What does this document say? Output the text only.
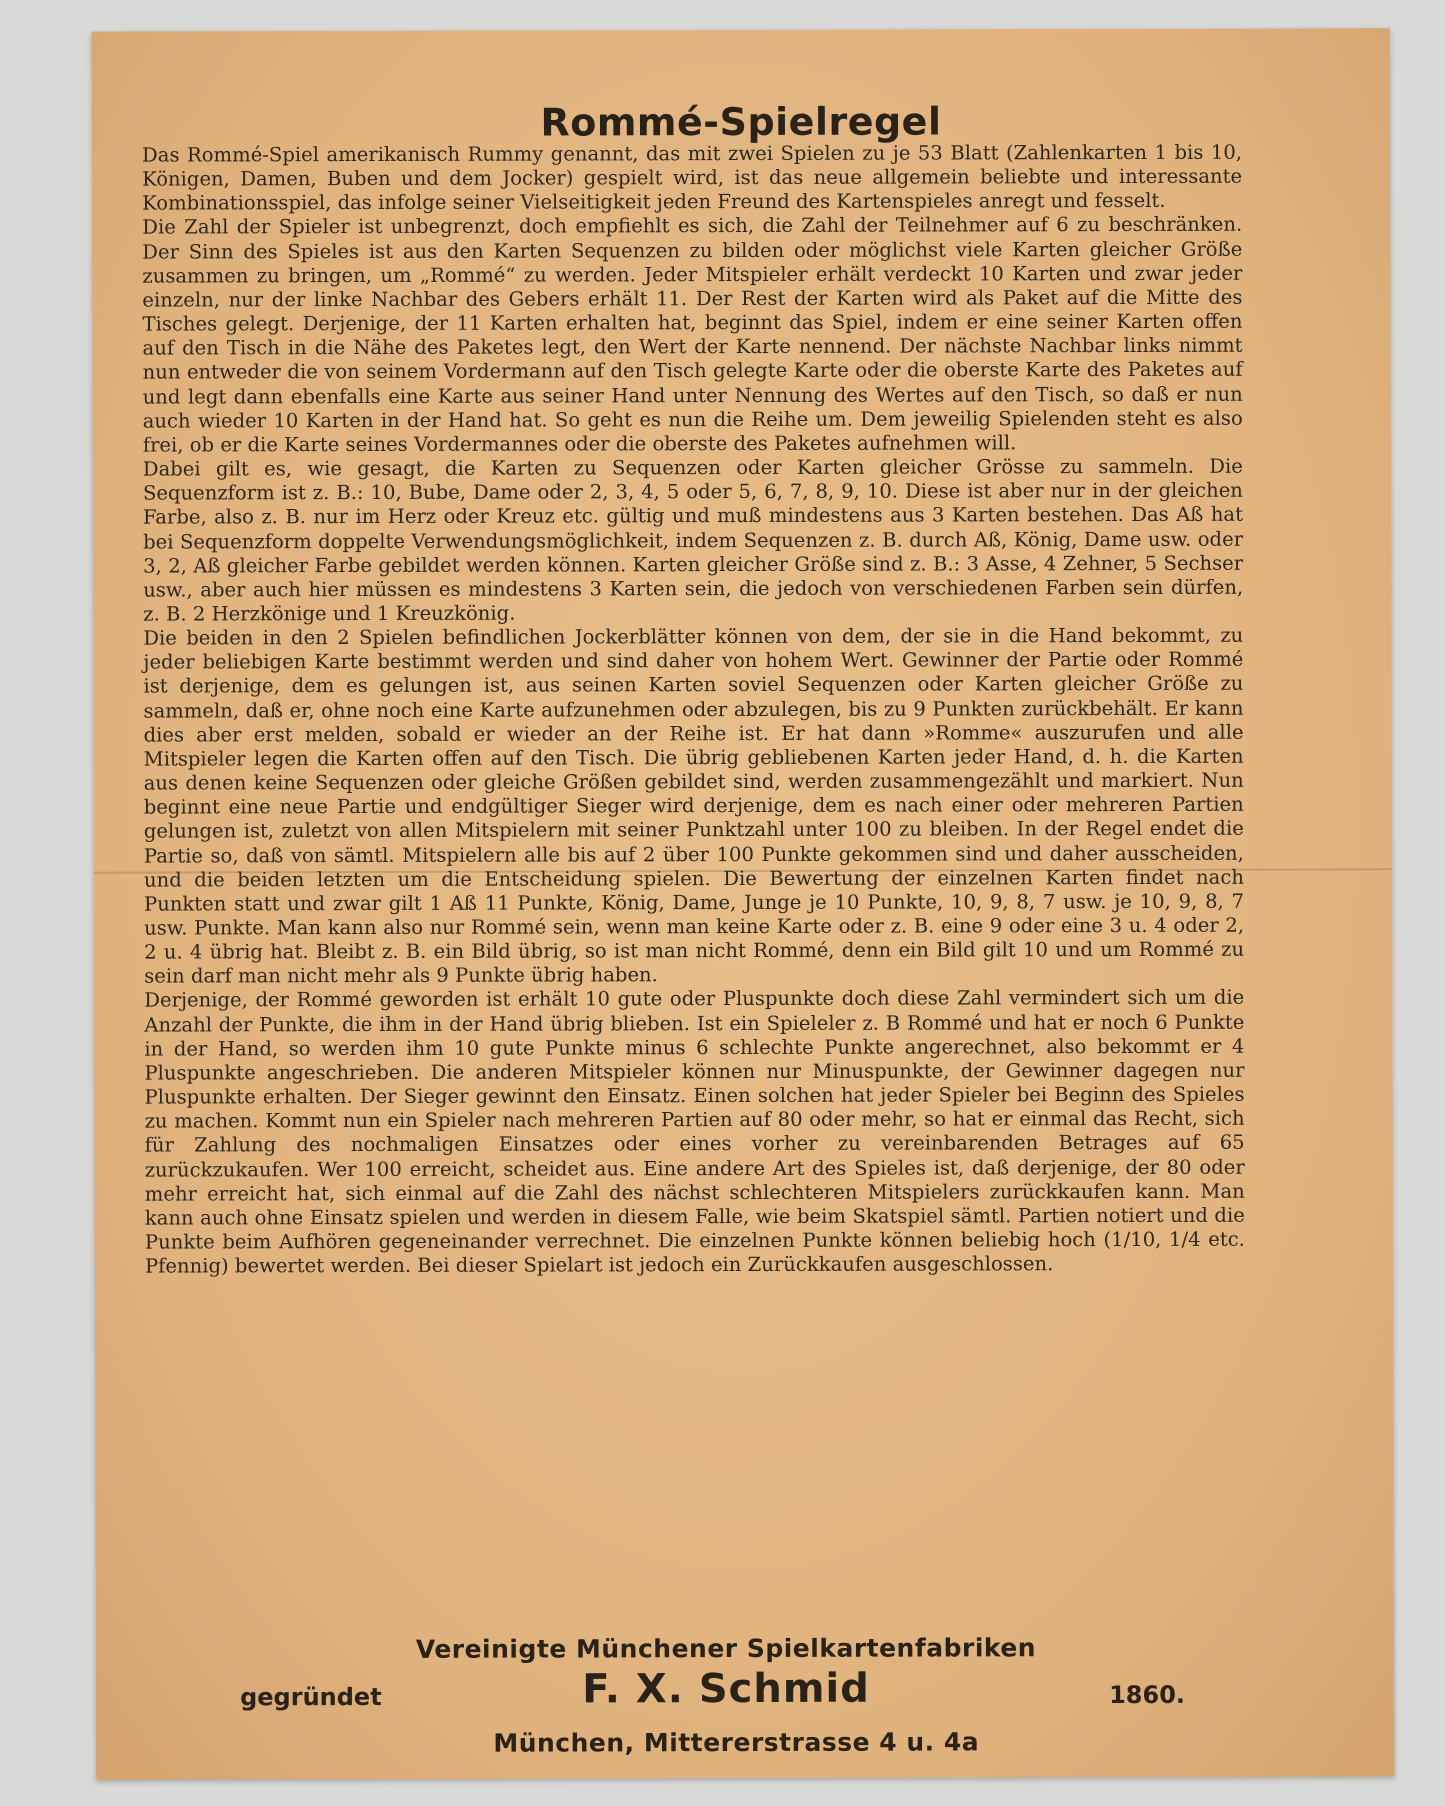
Rommé-Spielregel

Das Rommé-Spiel amerikanisch Rummy genannt, das mit zwei Spielen zu je 53 Blatt (Zahlenkarten 1 bis 10, Königen, Damen, Buben und dem Jocker) gespielt wird, ist das neue allgemein beliebte und interessante Kombinationsspiel, das infolge seiner Vielseitigkeit jeden Freund des Kartenspieles anregt und fesselt.

Die Zahl der Spieler ist unbegrenzt, doch empfiehlt es sich, die Zahl der Teilnehmer auf 6 zu beschränken. Der Sinn des Spieles ist aus den Karten Sequenzen zu bilden oder möglichst viele Karten gleicher Größe zusammen zu bringen, um „Rommé“ zu werden. Jeder Mitspieler erhält verdeckt 10 Karten und zwar jeder einzeln, nur der linke Nachbar des Gebers erhält 11. Der Rest der Karten wird als Paket auf die Mitte des Tisches gelegt. Derjenige, der 11 Karten erhalten hat, beginnt das Spiel, indem er eine seiner Karten offen auf den Tisch in die Nähe des Paketes legt, den Wert der Karte nennend. Der nächste Nachbar links nimmt nun entweder die von seinem Vordermann auf den Tisch gelegte Karte oder die oberste Karte des Paketes auf und legt dann ebenfalls eine Karte aus seiner Hand unter Nennung des Wertes auf den Tisch, so daß er nun auch wieder 10 Karten in der Hand hat. So geht es nun die Reihe um. Dem jeweilig Spielenden steht es also frei, ob er die Karte seines Vordermannes oder die oberste des Paketes aufnehmen will.

Dabei gilt es, wie gesagt, die Karten zu Sequenzen oder Karten gleicher Grösse zu sammeln. Die Sequenzform ist z. B.: 10, Bube, Dame oder 2, 3, 4, 5 oder 5, 6, 7, 8, 9, 10. Diese ist aber nur in der gleichen Farbe, also z. B. nur im Herz oder Kreuz etc. gültig und muß mindestens aus 3 Karten bestehen. Das Aß hat bei Sequenzform doppelte Verwendungsmöglichkeit, indem Sequenzen z. B. durch Aß, König, Dame usw. oder 3, 2, Aß gleicher Farbe gebildet werden können. Karten gleicher Größe sind z. B.: 3 Asse, 4 Zehner, 5 Sechser usw., aber auch hier müssen es mindestens 3 Karten sein, die jedoch von verschiedenen Farben sein dürfen, z. B. 2 Herzkönige und 1 Kreuzkönig.

Die beiden in den 2 Spielen befindlichen Jockerblätter können von dem, der sie in die Hand bekommt, zu jeder beliebigen Karte bestimmt werden und sind daher von hohem Wert. Gewinner der Partie oder Rommé ist derjenige, dem es gelungen ist, aus seinen Karten soviel Sequenzen oder Karten gleicher Größe zu sammeln, daß er, ohne noch eine Karte aufzunehmen oder abzulegen, bis zu 9 Punkten zurückbehält. Er kann dies aber erst melden, sobald er wieder an der Reihe ist. Er hat dann »Romme« auszurufen und alle Mitspieler legen die Karten offen auf den Tisch. Die übrig gebliebenen Karten jeder Hand, d. h. die Karten aus denen keine Sequenzen oder gleiche Größen gebildet sind, werden zusammengezählt und markiert. Nun beginnt eine neue Partie und endgültiger Sieger wird derjenige, dem es nach einer oder mehreren Partien gelungen ist, zuletzt von allen Mitspielern mit seiner Punktzahl unter 100 zu bleiben. In der Regel endet die Partie so, daß von sämtl. Mitspielern alle bis auf 2 über 100 Punkte gekommen sind und daher ausscheiden, und die beiden letzten um die Entscheidung spielen. Die Bewertung der einzelnen Karten findet nach Punkten statt und zwar gilt 1 Aß 11 Punkte, König, Dame, Junge je 10 Punkte, 10, 9, 8, 7 usw. je 10, 9, 8, 7 usw. Punkte. Man kann also nur Rommé sein, wenn man keine Karte oder z. B. eine 9 oder eine 3 u. 4 oder 2, 2 u. 4 übrig hat. Bleibt z. B. ein Bild übrig, so ist man nicht Rommé, denn ein Bild gilt 10 und um Rommé zu sein darf man nicht mehr als 9 Punkte übrig haben.

Derjenige, der Rommé geworden ist erhält 10 gute oder Pluspunkte doch diese Zahl vermindert sich um die Anzahl der Punkte, die ihm in der Hand übrig blieben. Ist ein Spieleler z. B Rommé und hat er noch 6 Punkte in der Hand, so werden ihm 10 gute Punkte minus 6 schlechte Punkte angerechnet, also bekommt er 4 Pluspunkte angeschrieben. Die anderen Mitspieler können nur Minuspunkte, der Gewinner dagegen nur Pluspunkte erhalten. Der Sieger gewinnt den Einsatz. Einen solchen hat jeder Spieler bei Beginn des Spieles zu machen. Kommt nun ein Spieler nach mehreren Partien auf 80 oder mehr, so hat er einmal das Recht, sich für Zahlung des nochmaligen Einsatzes oder eines vorher zu vereinbarenden Betrages auf 65 zurückzukaufen. Wer 100 erreicht, scheidet aus. Eine andere Art des Spieles ist, daß derjenige, der 80 oder mehr erreicht hat, sich einmal auf die Zahl des nächst schlechteren Mitspielers zurückkaufen kann. Man kann auch ohne Einsatz spielen und werden in diesem Falle, wie beim Skatspiel sämtl. Partien notiert und die Punkte beim Aufhören gegeneinander verrechnet. Die einzelnen Punkte können beliebig hoch (1/10, 1/4 etc. Pfennig) bewertet werden. Bei dieser Spielart ist jedoch ein Zurückkaufen ausgeschlossen.

Vereinigte Münchener Spielkartenfabriken
gegründet	F. X. Schmid	1860.
München, Mittererstrasse 4 u. 4a
